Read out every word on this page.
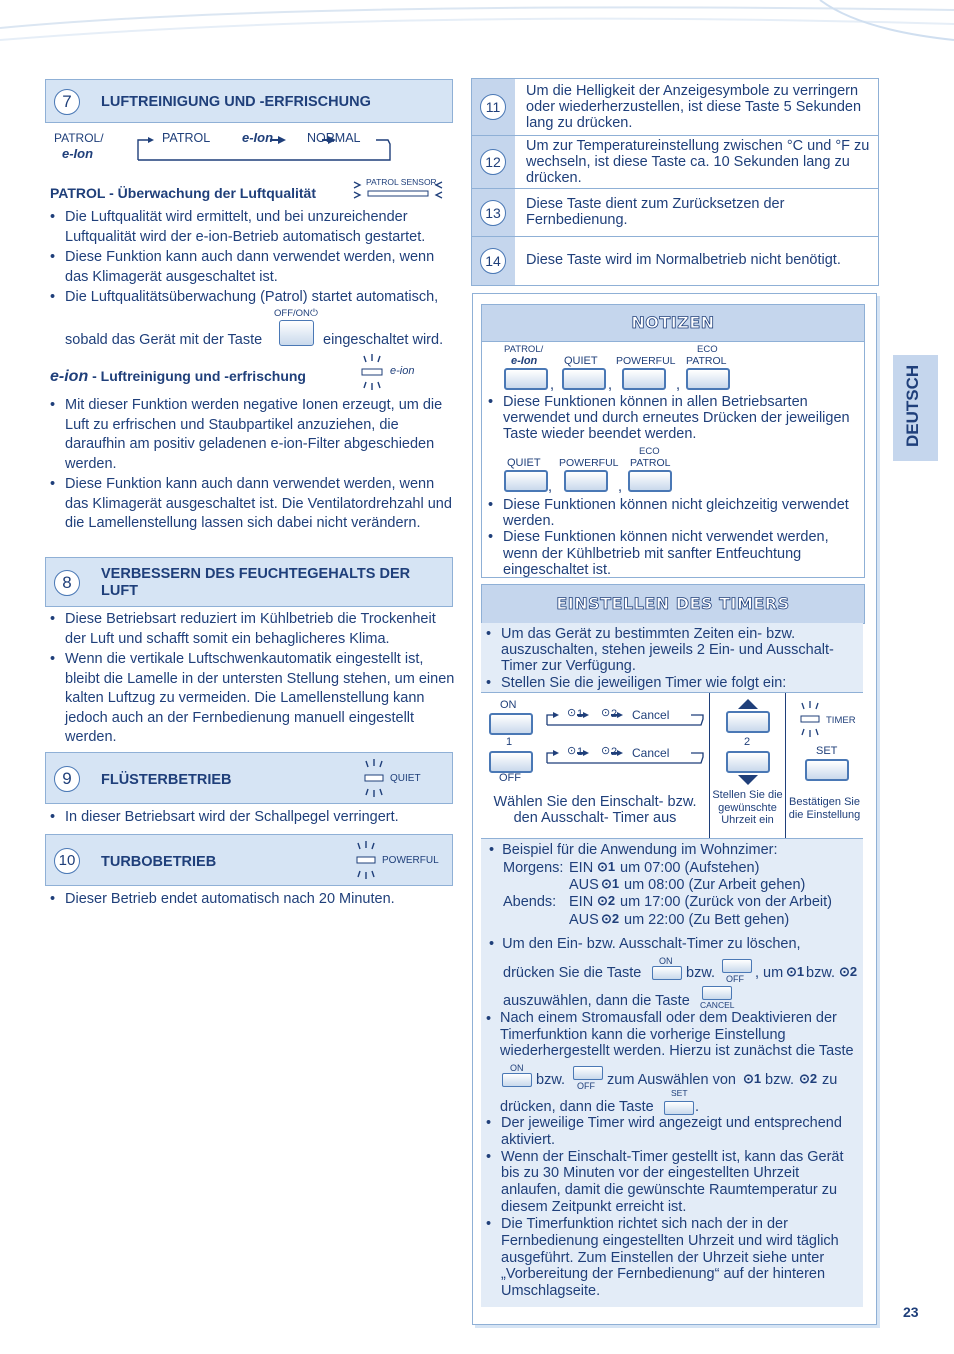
7	LUFTREINIGUNG UND -ERFRISCHUNG
PATROL/
e-Ion
PATROL e-Ion	NORMAL
PATROL - Überwachung der Luftqualität
PATROL SENSOR
• Die Luftqualität wird ermittelt, und bei unzureichender Luftqualität wird der e-ion-Betrieb automatisch gestartet.
• Diese Funktion kann auch dann verwendet werden, wenn das Klimagerät ausgeschaltet ist.
• Die Luftqualitätsüberwachung (Patrol) startet automatisch,
OFF/ON ⏻
sobald das Gerät mit der Taste	eingeschaltet wird.
e-ion - Luftreinigung und -erfrischung	e-ion
• Mit dieser Funktion werden negative Ionen erzeugt, um die Luft zu erfrischen und Staubpartikel anzuziehen, die daraufhin am positiv geladenen e-ion-Filter abgeschieden werden.
• Diese Funktion kann auch dann verwendet werden, wenn das Klimagerät ausgeschaltet ist. Die Ventilatordrehzahl und die Lamellenstellung lassen sich dabei nicht verändern.
8	VERBESSERN DES FEUCHTEGEHALTS DER LUFT
• Diese Betriebsart reduziert im Kühlbetrieb die Trockenheit der Luft und schafft somit ein behaglicheres Klima.
• Wenn die vertikale Luftschwenkautomatik eingestellt ist, bleibt die Lamelle in der untersten Stellung stehen, um einen kalten Luftzug zu vermeiden. Die Lamellenstellung kann jedoch auch an der Fernbedienung manuell eingestellt werden.
9	FLÜSTERBETRIEB	QUIET
• In dieser Betriebsart wird der Schallpegel verringert.
10	TURBOBETRIEB	POWERFUL
• Dieser Betrieb endet automatisch nach 20 Minuten.
11
Um die Helligkeit der Anzeigesymbole zu verringern oder wiederherzustellen, ist diese Taste 5 Sekunden lang zu drücken.
12
Um zur Temperatureinstellung zwischen °C und °F zu wechseln, ist diese Taste ca. 10 Sekunden lang zu drücken.
13
Diese Taste dient zum Zurücksetzen der Fernbedienung.
14	Diese Taste wird im Normalbetrieb nicht benötigt.
NOTIZEN
PATROL/
e-Ion
,
QUIET
,
POWERFUL
,
ECO
PATROL
• Diese Funktionen können in allen Betriebsarten verwendet und durch erneutes Drücken der jeweiligen Taste wieder beendet werden.
QUIET
,
POWERFUL
,
ECO
PATROL
• Diese Funktionen können nicht gleichzeitig verwendet werden.
• Diese Funktionen können nicht verwendet werden, wenn der Kühlbetrieb mit sanfter Entfeuchtung eingeschaltet ist.
EINSTELLEN DES TIMERS
• Um das Gerät zu bestimmten Zeiten ein- bzw. auszuschalten, stehen jeweils 2 Ein- und Ausschalt-Timer zur Verfügung.
• Stellen Sie die jeweiligen Timer wie folgt ein:
ON
1
OFF
⊙ 1 ⊙ 2 Cancel
⊙ 1 ⊙ 2 Cancel
2
TIMER
SET
Wählen Sie den Einschalt- bzw. den Ausschalt- Timer aus
Stellen Sie die gewünschte Uhrzeit ein
Bestätigen Sie die Einstellung
•  Beispiel für die Anwendung im Wohnzimer:
Morgens: EIN ⊙1 um 07:00 (Aufstehen)
AUS ⊙1 um 08:00 (Zur Arbeit gehen)
Abends: EIN ⊙2 um 17:00 (Zurück von der Arbeit)
AUS ⊙2 um 22:00 (Zu Bett gehen)
•  Um den Ein- bzw. Ausschalt-Timer zu löschen,
drücken Sie die Taste
ON
bzw. OFF , um ⊙1 bzw. ⊙2
auszuwählen, dann die Taste CANCEL
• Nach einem Stromausfall oder dem Deaktivieren der Timerfunktion kann die vorherige Einstellung wiederhergestellt werden. Hierzu ist zunächst die Taste
ON
bzw. OFF zum Auswählen von ⊙1 bzw. ⊙2 zu
drücken, dann die Taste
SET
.
• Der jeweilige Timer wird angezeigt und entsprechend aktiviert.
• Wenn der Einschalt-Timer gestellt ist, kann das Gerät bis zu 30 Minuten vor der eingestellten Uhrzeit anlaufen, damit die gewünschte Raumtemperatur zu diesem Zeitpunkt erreicht ist.
• Die Timerfunktion richtet sich nach der in der Fernbedienung eingestellten Uhrzeit und wird täglich ausgeführt. Zum Einstellen der Uhrzeit siehe unter „Vorbereitung der Fernbedienung“ auf der hinteren Umschlagseite.
DEUTSCH
23
